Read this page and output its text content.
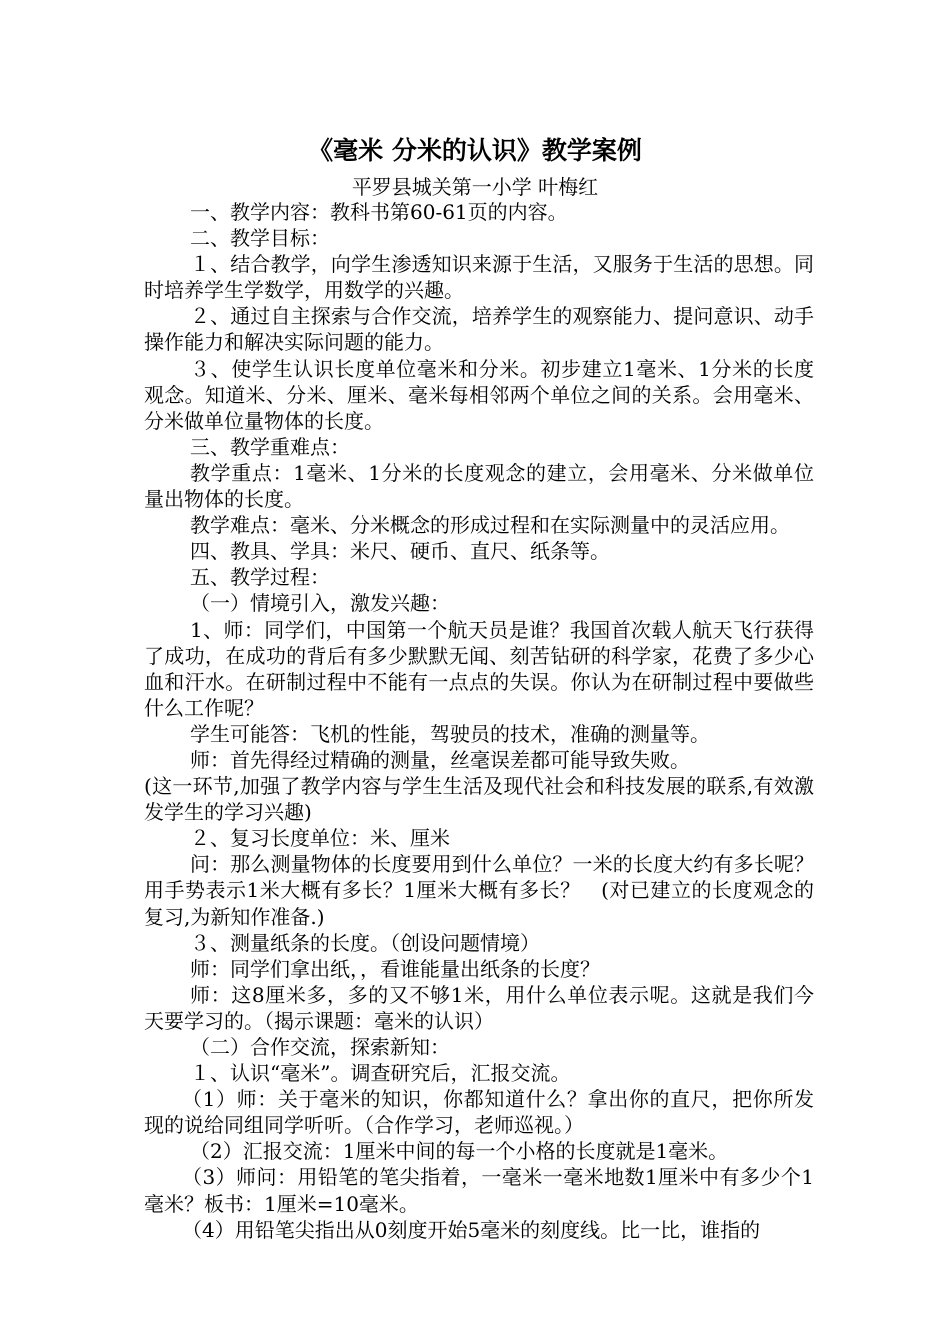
《毫米 分米的认识》教学案例
平罗县城关第一小学 叶梅红

一、教学内容：教科书第60-61页的内容。

二、教学目标：

１、结合教学，向学生渗透知识来源于生活，又服务于生活的思想。同时培养学生学数学，用数学的兴趣。

２、通过自主探索与合作交流，培养学生的观察能力、提问意识、动手操作能力和解决实际问题的能力。

３、使学生认识长度单位毫米和分米。初步建立1毫米、1分米的长度观念。知道米、分米、厘米、毫米每相邻两个单位之间的关系。会用毫米、分米做单位量物体的长度。

三、教学重难点：

教学重点：1毫米、1分米的长度观念的建立，会用毫米、分米做单位量出物体的长度。

教学难点：毫米、分米概念的形成过程和在实际测量中的灵活应用。

四、教具、学具：米尺、硬币、直尺、纸条等。

五、教学过程：

（一）情境引入，激发兴趣：

1、师：同学们，中国第一个航天员是谁？我国首次载人航天飞行获得了成功，在成功的背后有多少默默无闻、刻苦钻研的科学家，花费了多少心血和汗水。在研制过程中不能有一点点的失误。你认为在研制过程中要做些什么工作呢？

学生可能答：飞机的性能，驾驶员的技术，准确的测量等。

师：首先得经过精确的测量，丝毫误差都可能导致失败。

(这一环节,加强了教学内容与学生生活及现代社会和科技发展的联系,有效激发学生的学习兴趣)

２、复习长度单位：米、厘米

问：那么测量物体的长度要用到什么单位？一米的长度大约有多长呢？用手势表示1米大概有多长？1厘米大概有多长？　(对已建立的长度观念的复习,为新知作准备.)

３、测量纸条的长度。（创设问题情境）

师：同学们拿出纸，，看谁能量出纸条的长度？

师：这8厘米多，多的又不够1米，用什么单位表示呢。这就是我们今天要学习的。（揭示课题：毫米的认识）

（二）合作交流，探索新知：

１、认识“毫米”。调查研究后，汇报交流。

（1）师：关于毫米的知识，你都知道什么？拿出你的直尺，把你所发现的说给同组同学听听。（合作学习，老师巡视。）

（2）汇报交流：1厘米中间的每一个小格的长度就是1毫米。

（3）师问：用铅笔的笔尖指着，一毫米一毫米地数1厘米中有多少个1毫米？板书：1厘米=10毫米。

（4）用铅笔尖指出从0刻度开始5毫米的刻度线。比一比，谁指的
